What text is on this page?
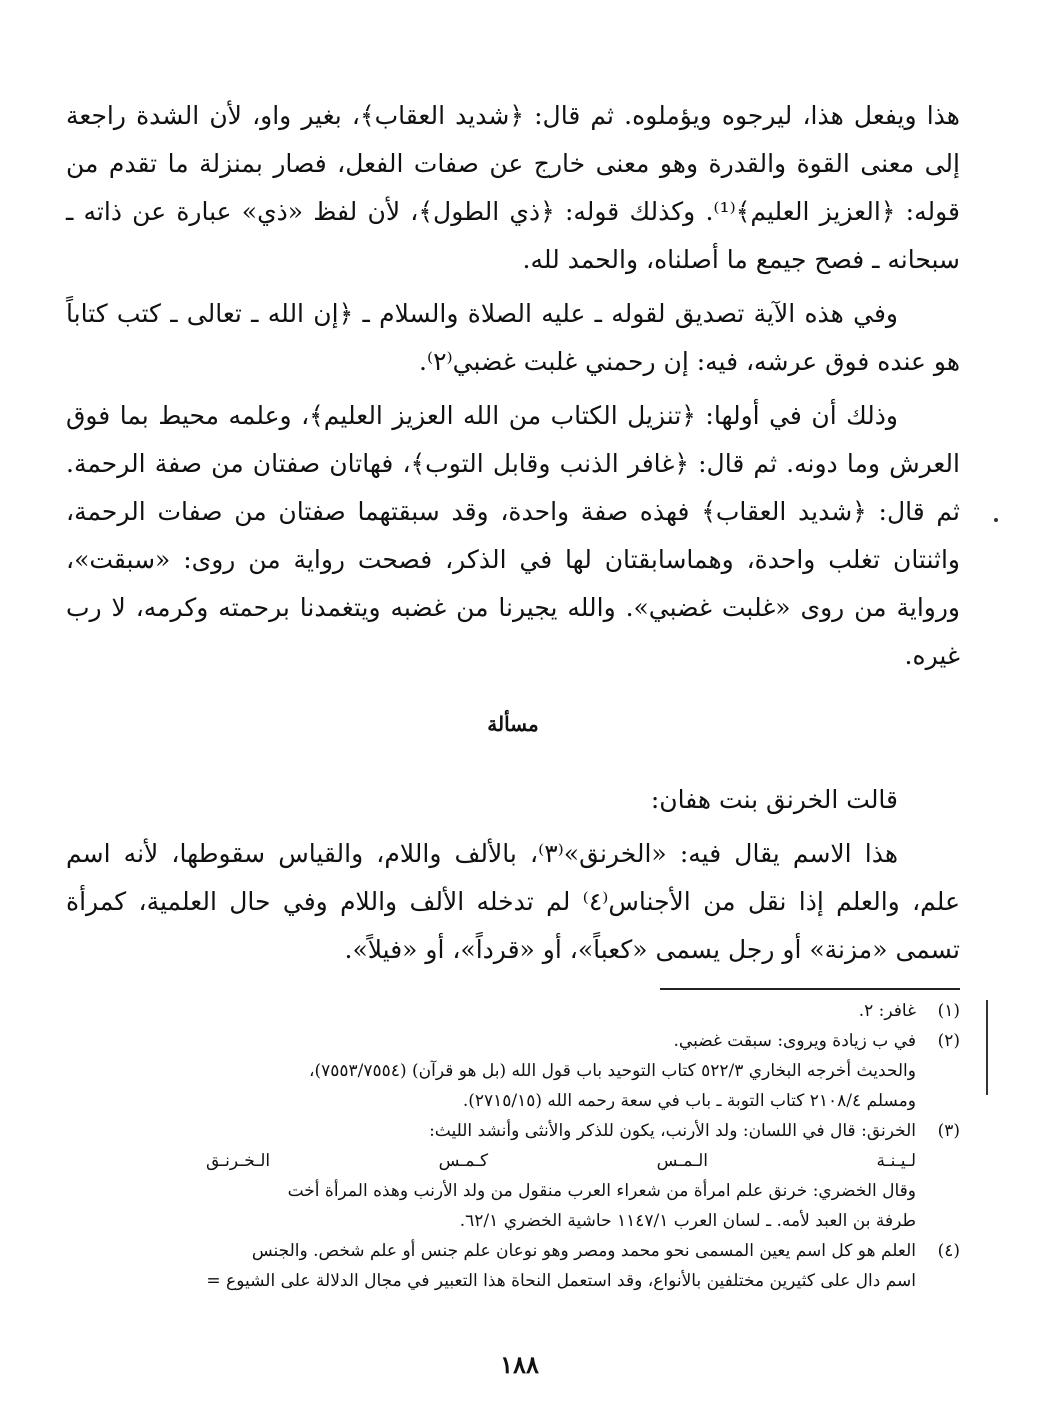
هذا ويفعل هذا، ليرجوه ويؤملوه. ثم قال: ﴿شديد العقاب﴾، بغير واو، لأن الشدة راجعة إلى معنى القوة والقدرة وهو معنى خارج عن صفات الفعل، فصار بمنزلة ما تقدم من قوله: ﴿العزيز العليم﴾⁽¹⁾. وكذلك قوله: ﴿ذي الطول﴾، لأن لفظ «ذي» عبارة عن ذاته ـ سبحانه ـ فصح جيمع ما أصلناه، والحمد لله.

وفي هذه الآية تصديق لقوله ـ عليه الصلاة والسلام ـ ﴿إن الله ـ تعالى ـ كتب كتاباً هو عنده فوق عرشه، فيه: إن رحمني غلبت غضبي⁽٢⁾.

وذلك أن في أولها: ﴿تنزيل الكتاب من الله العزيز العليم﴾، وعلمه محيط بما فوق العرش وما دونه. ثم قال: ﴿غافر الذنب وقابل التوب﴾، فهاتان صفتان من صفة الرحمة. ثم قال: ﴿شديد العقاب﴾ فهذه صفة واحدة، وقد سبقتهما صفتان من صفات الرحمة، واثنتان تغلب واحدة، وهماسابقتان لها في الذكر، فصحت رواية من روى: «سبقت»، ورواية من روى «غلبت غضبي». والله يجيرنا من غضبه ويتغمدنا برحمته وكرمه، لا رب غيره.

مسألة

قالت الخرنق بنت هفان:

هذا الاسم يقال فيه: «الخرنق»⁽٣⁾، بالألف واللام، والقياس سقوطها، لأنه اسم علم، والعلم إذا نقل من الأجناس⁽٤⁾ لم تدخله الألف واللام وفي حال العلمية، كمرأة تسمى «مزنة» أو رجل يسمى «كعباً»، أو «قرداً»، أو «فيلاً».

(١)غافر: ٢.

(٢)في ب زيادة ويروى: سبقت غضبي.

والحديث أخرجه البخاري ٥٢٢/٣ كتاب التوحيد باب قول الله (بل هو قرآن) (٧٥٥٣/٧٥٥٤)،

ومسلم ٢١٠٨/٤ كتاب التوبة ـ باب في سعة رحمه الله (٢٧١٥/١٥).

(٣)الخرنق: قال في اللسان: ولد الأرنب، يكون للذكر والأنثى وأنشد الليث:

لـيـنـة
الـمـس
كـمـس
الـخـرنـق

وقال الخضري: خرنق علم امرأة من شعراء العرب منقول من ولد الأرنب وهذه المرأة أخت

طرفة بن العبد لأمه. ـ لسان العرب ١١٤٧/١ حاشية الخضري ٦٢/١.

(٤)العلم هو كل اسم يعين المسمى نحو محمد ومصر وهو نوعان علم جنس أو علم شخص. والجنس

اسم دال على كثيرين مختلفين بالأنواع، وقد استعمل النحاة هذا التعبير في مجال الدلالة على الشيوع =

١٨٨
